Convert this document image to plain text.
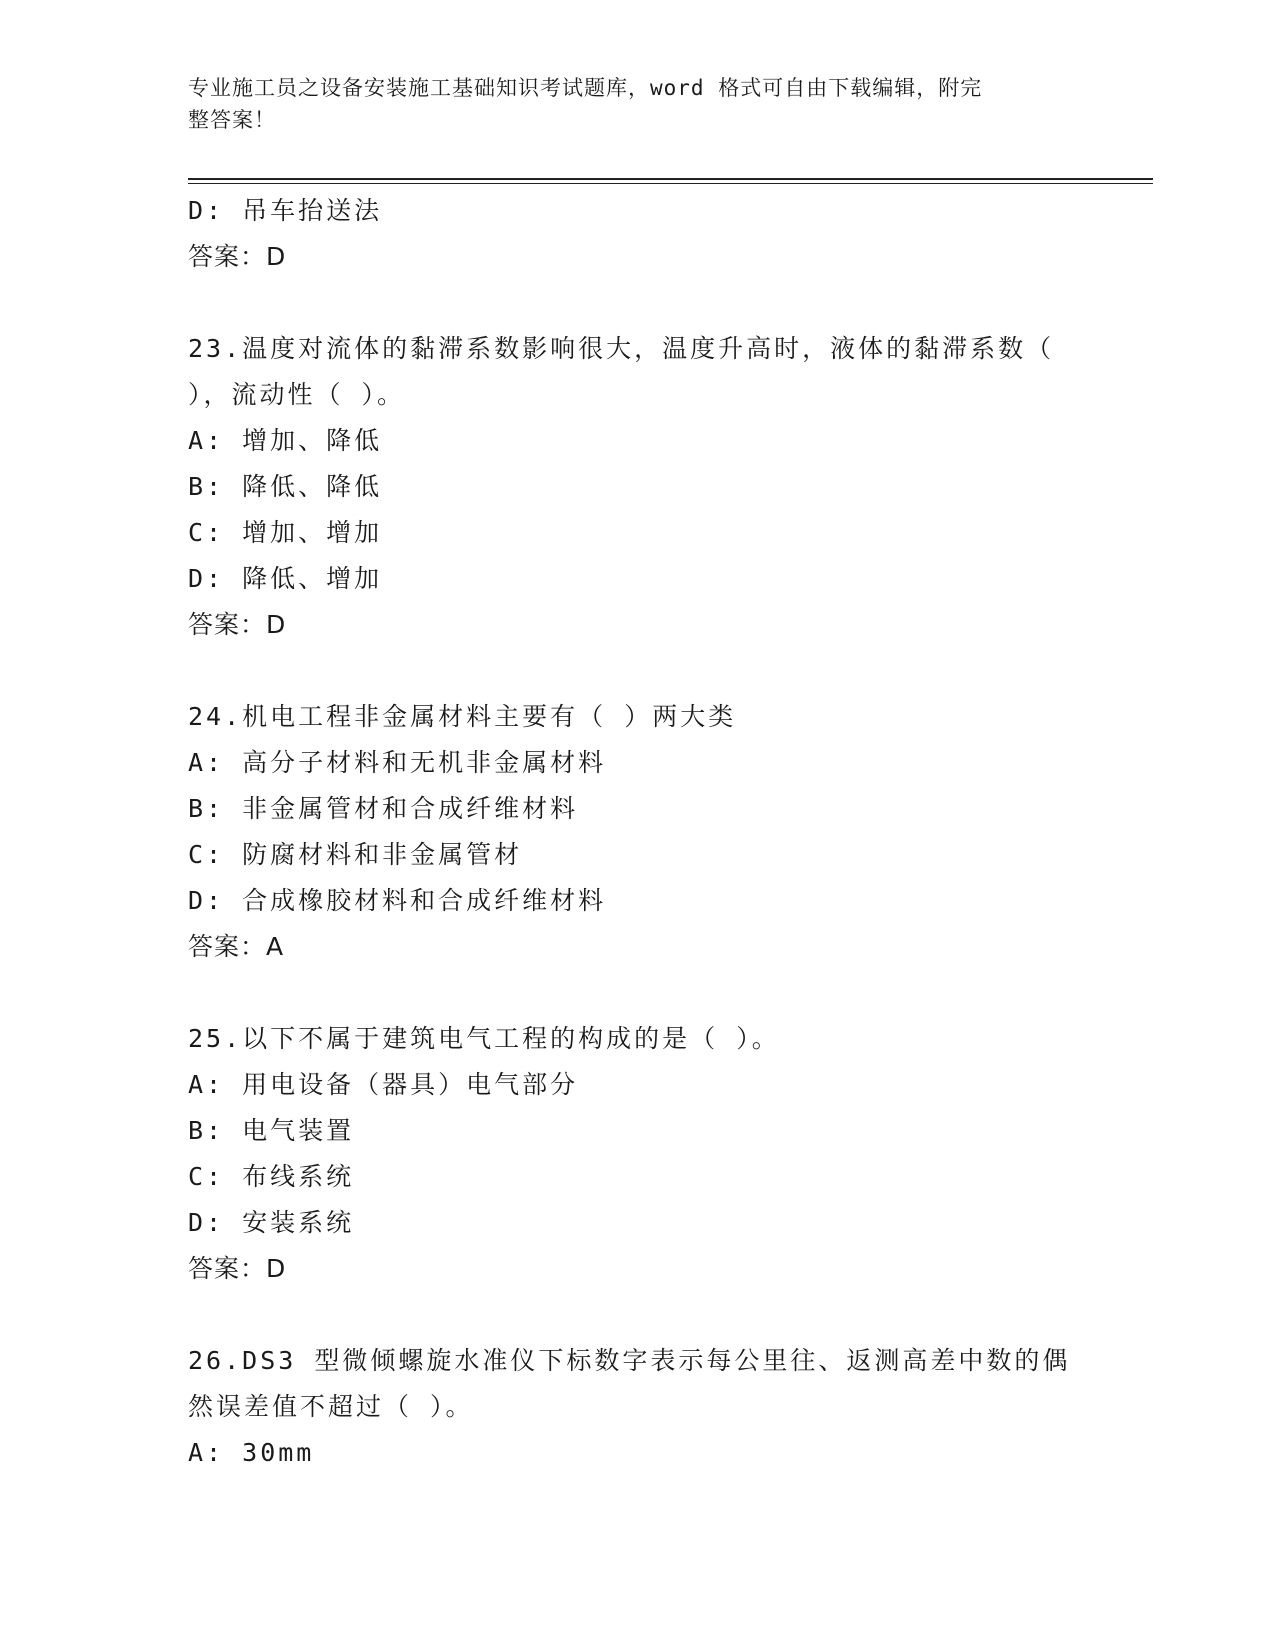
专业施工员之设备安装施工基础知识考试题库，word 格式可自由下载编辑，附完
整答案！
D: 吊车抬送法
答案：D
23.温度对流体的黏滞系数影响很大，温度升高时，液体的黏滞系数（
），流动性（ ）。
A: 增加、降低
B: 降低、降低
C: 增加、增加
D: 降低、增加
答案：D
24.机电工程非金属材料主要有（ ）两大类
A: 高分子材料和无机非金属材料
B: 非金属管材和合成纤维材料
C: 防腐材料和非金属管材
D: 合成橡胶材料和合成纤维材料
答案：A
25.以下不属于建筑电气工程的构成的是（ ）。
A: 用电设备（器具）电气部分
B: 电气装置
C: 布线系统
D: 安装系统
答案：D
26.DS3 型微倾螺旋水准仪下标数字表示每公里往、返测高差中数的偶
然误差值不超过（ ）。
A: 30mm
